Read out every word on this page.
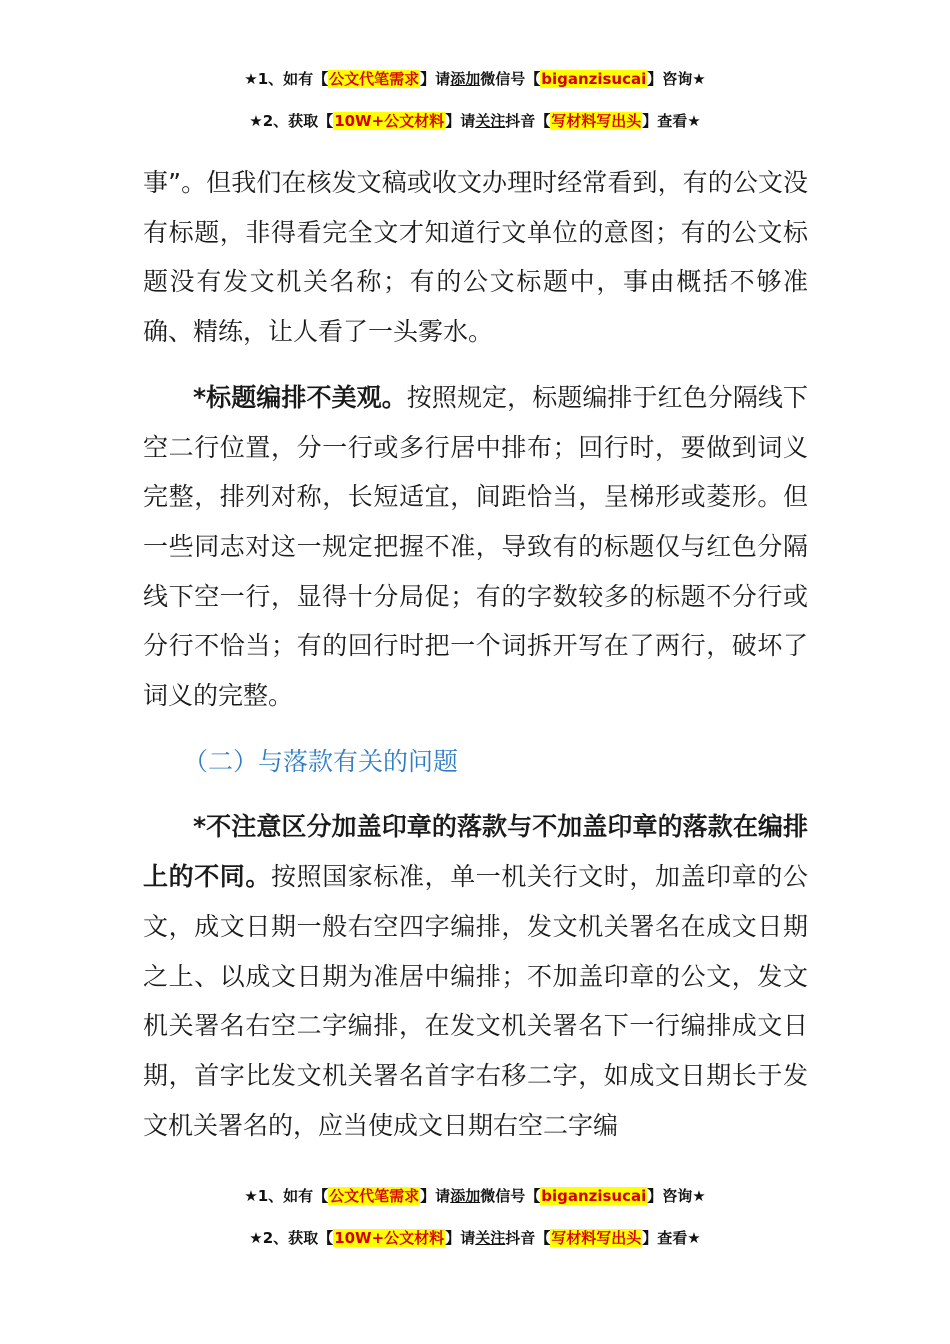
★1、如有【公文代笔需求】请添加微信号【biganzisucai】咨询★
★2、获取【10W+公文材料】请关注抖音【写材料写出头】查看★

事”。但我们在核发文稿或收文办理时经常看到，有的公文没有标题，非得看完全文才知道行文单位的意图；有的公文标题没有发文机关名称；有的公文标题中，事由概括不够准确、精练，让人看了一头雾水。

*标题编排不美观。按照规定，标题编排于红色分隔线下空二行位置，分一行或多行居中排布；回行时，要做到词义完整，排列对称，长短适宜，间距恰当，呈梯形或菱形。但一些同志对这一规定把握不准，导致有的标题仅与红色分隔线下空一行，显得十分局促；有的字数较多的标题不分行或分行不恰当；有的回行时把一个词拆开写在了两行，破坏了词义的完整。

（二）与落款有关的问题

*不注意区分加盖印章的落款与不加盖印章的落款在编排上的不同。按照国家标准，单一机关行文时，加盖印章的公文，成文日期一般右空四字编排，发文机关署名在成文日期之上、以成文日期为准居中编排；不加盖印章的公文，发文机关署名右空二字编排，在发文机关署名下一行编排成文日期，首字比发文机关署名首字右移二字，如成文日期长于发文机关署名的，应当使成文日期右空二字编

★1、如有【公文代笔需求】请添加微信号【biganzisucai】咨询★
★2、获取【10W+公文材料】请关注抖音【写材料写出头】查看★
